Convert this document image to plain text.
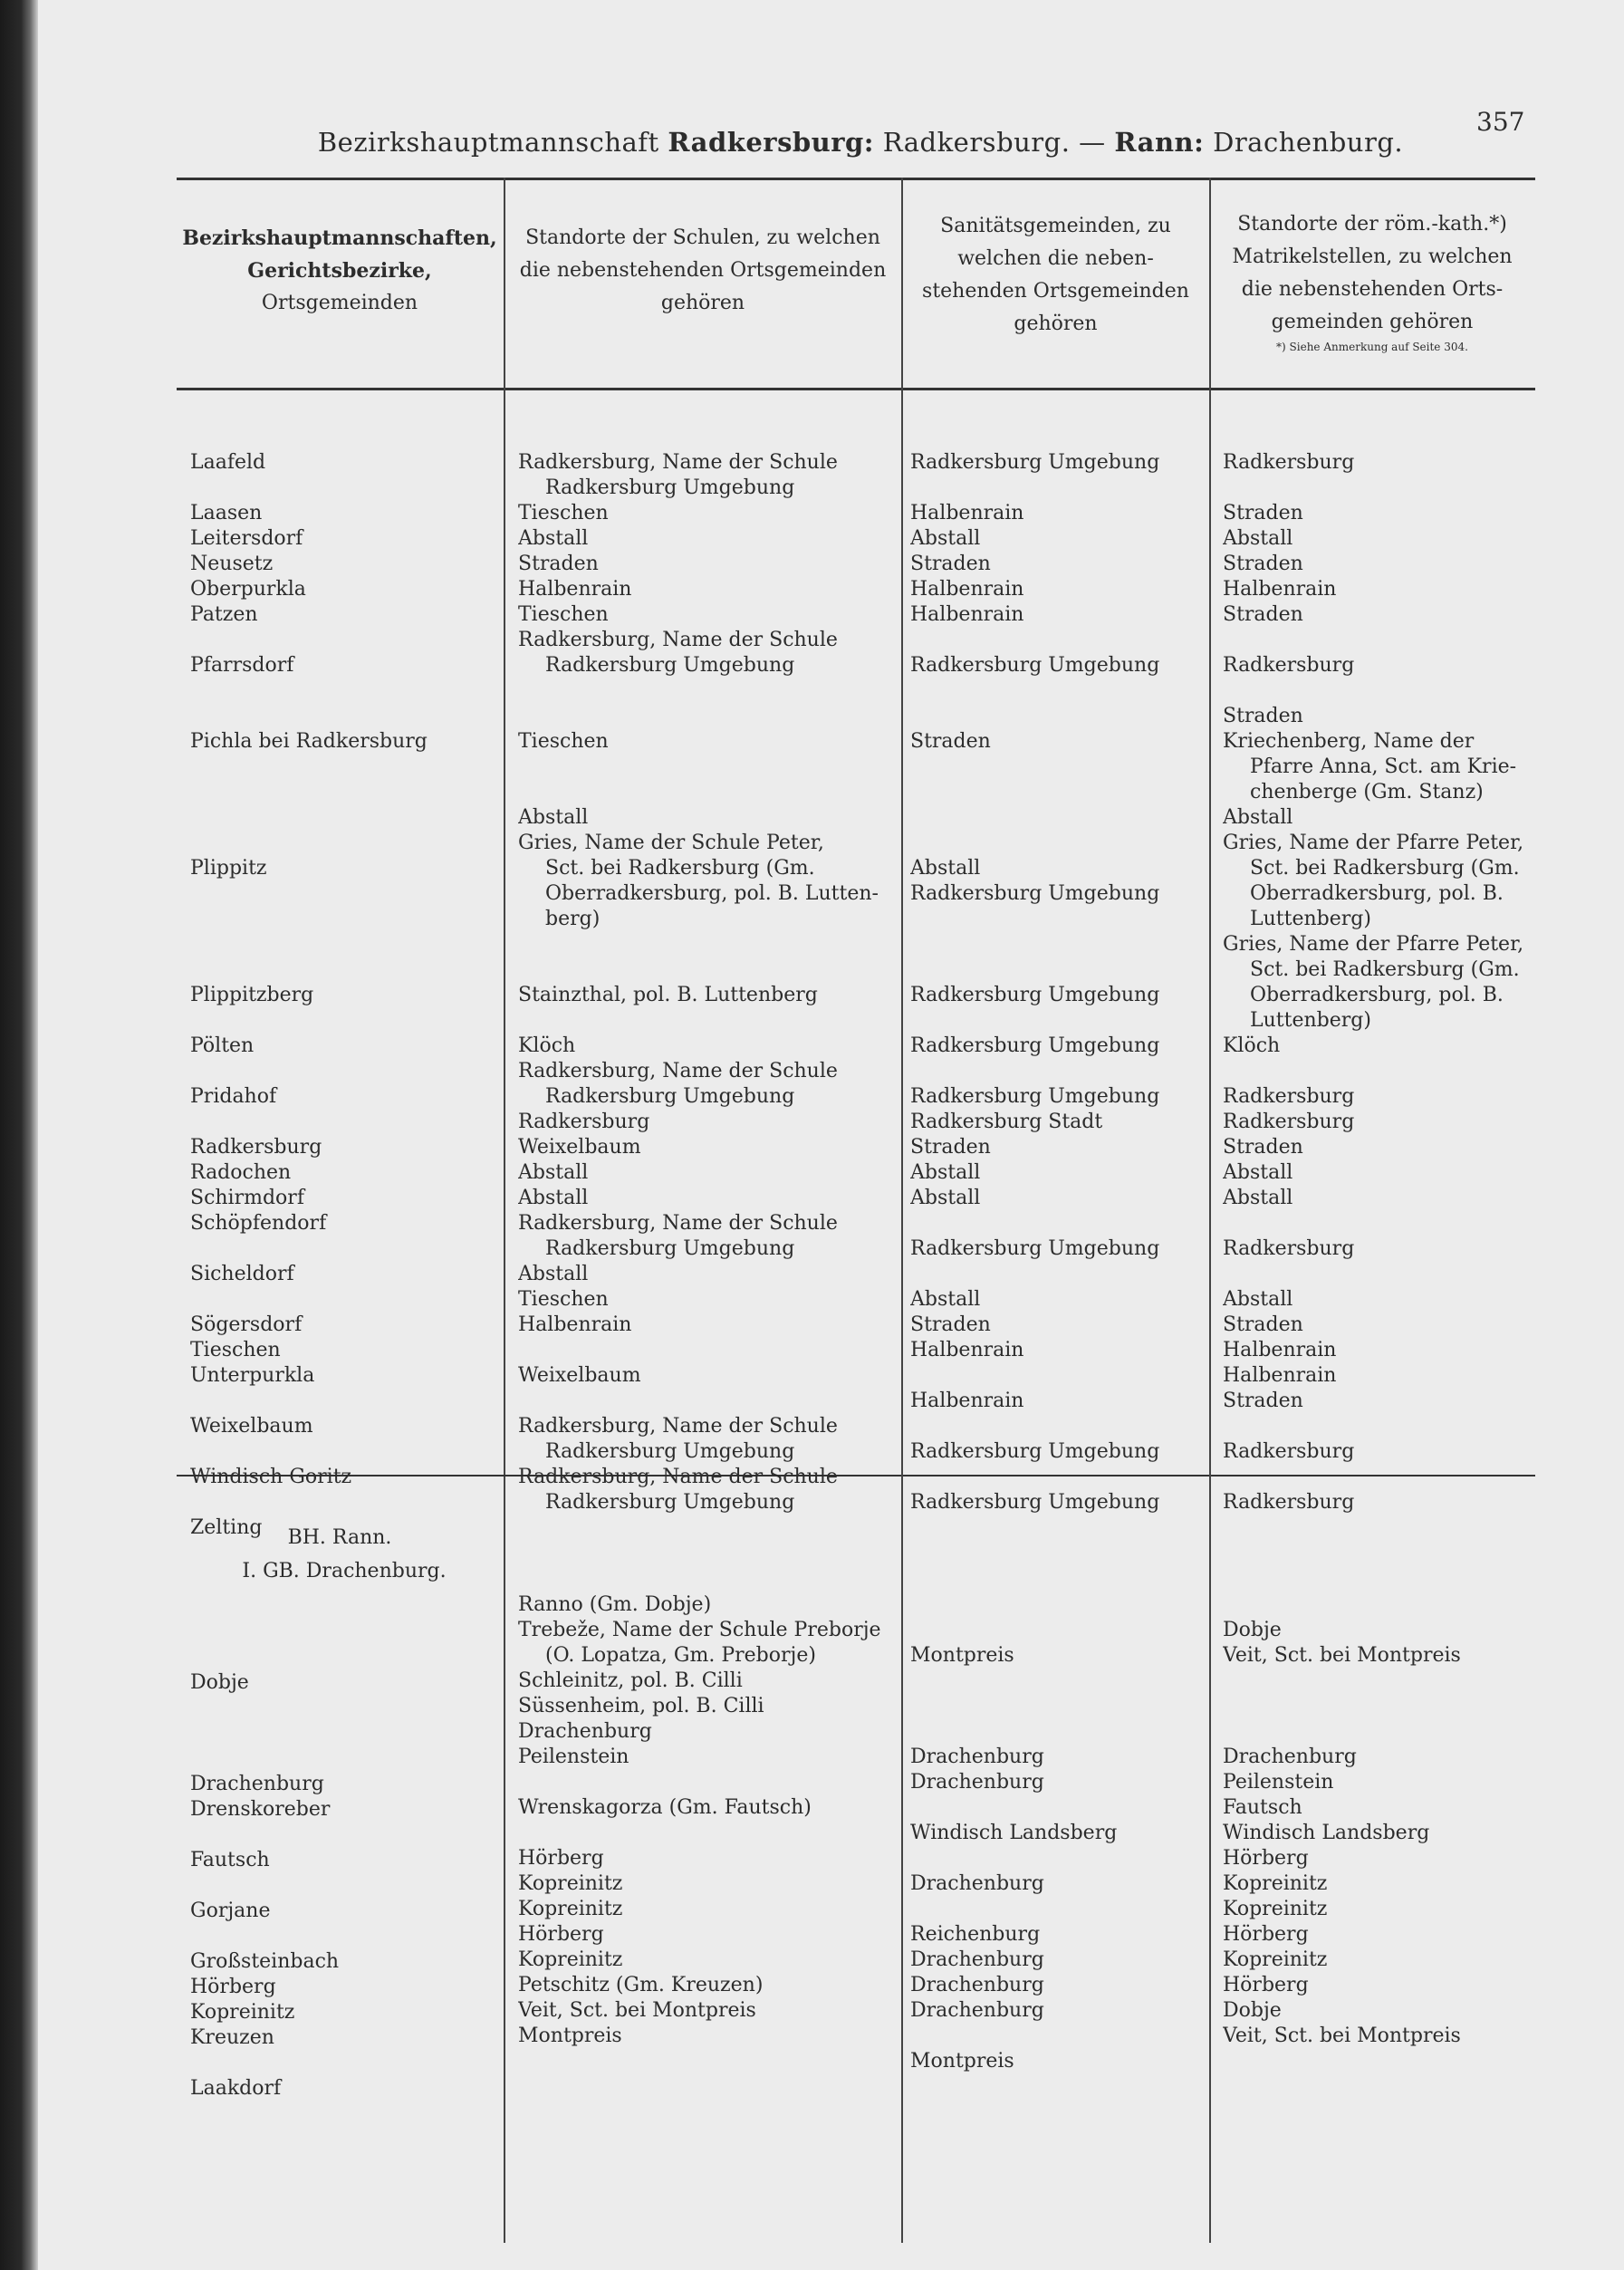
357
Bezirkshauptmannschaft Radkersburg: Radkersburg. — Rann: Drachenburg.
Bezirkshauptmannschaften,
Gerichtsbezirke,
Ortsgemeinden
Standorte der Schulen, zu welchen
die nebenstehenden Ortsgemeinden
gehören
Sanitätsgemeinden, zu
welchen die neben-
stehenden Ortsgemeinden
gehören
Standorte der röm.-kath.*)
Matrikelstellen, zu welchen
die nebenstehenden Orts-
gemeinden gehören
*) Siehe Anmerkung auf Seite 304.
Laafeld
Laasen
Leitersdorf
Neusetz
Oberpurkla
Patzen
Pfarrsdorf
Pichla bei Radkersburg
Plippitz
Plippitzberg
Pölten
Pridahof
Radkersburg
Radochen
Schirmdorf
Schöpfendorf
Sicheldorf
Sögersdorf
Tieschen
Unterpurkla
Weixelbaum
Windisch Goritz
Zelting
Radkersburg, Name der Schule
Radkersburg Umgebung
Tieschen
Abstall
Straden
Halbenrain
Tieschen
Radkersburg, Name der Schule
Radkersburg Umgebung
Tieschen
Abstall
Gries, Name der Schule Peter,
Sct. bei Radkersburg (Gm.
Oberradkersburg, pol. B. Lutten-
berg)
Stainzthal, pol. B. Luttenberg
Klöch
Radkersburg, Name der Schule
Radkersburg Umgebung
Radkersburg
Weixelbaum
Abstall
Abstall
Radkersburg, Name der Schule
Radkersburg Umgebung
Abstall
Tieschen
Halbenrain
Weixelbaum
Radkersburg, Name der Schule
Radkersburg Umgebung
Radkersburg, Name der Schule
Radkersburg Umgebung
Radkersburg Umgebung
Halbenrain
Abstall
Straden
Halbenrain
Halbenrain
Radkersburg Umgebung
Straden
Abstall
Radkersburg Umgebung
Radkersburg Umgebung
Radkersburg Umgebung
Radkersburg Umgebung
Radkersburg Stadt
Straden
Abstall
Abstall
Radkersburg Umgebung
Abstall
Straden
Halbenrain
Halbenrain
Radkersburg Umgebung
Radkersburg Umgebung
Radkersburg
Straden
Abstall
Straden
Halbenrain
Straden
Radkersburg
Straden
Kriechenberg, Name der
Pfarre Anna, Sct. am Krie-
chenberge (Gm. Stanz)
Abstall
Gries, Name der Pfarre Peter,
Sct. bei Radkersburg (Gm.
Oberradkersburg, pol. B.
Luttenberg)
Gries, Name der Pfarre Peter,
Sct. bei Radkersburg (Gm.
Oberradkersburg, pol. B.
Luttenberg)
Klöch
Radkersburg
Radkersburg
Straden
Abstall
Abstall
Radkersburg
Abstall
Straden
Halbenrain
Halbenrain
Straden
Radkersburg
Radkersburg
BH. Rann.
I. GB. Drachenburg.
Dobje
Drachenburg
Drenskoreber
Fautsch
Gorjane
Großsteinbach
Hörberg
Kopreinitz
Kreuzen
Laakdorf
Ranno (Gm. Dobje)
Trebeže, Name der Schule Preborje
(O. Lopatza, Gm. Preborje)
Schleinitz, pol. B. Cilli
Süssenheim, pol. B. Cilli
Drachenburg
Peilenstein
Wrenskagorza (Gm. Fautsch)
Hörberg
Kopreinitz
Kopreinitz
Hörberg
Kopreinitz
Petschitz (Gm. Kreuzen)
Veit, Sct. bei Montpreis
Montpreis
Montpreis
Drachenburg
Drachenburg
Windisch Landsberg
Drachenburg
Reichenburg
Drachenburg
Drachenburg
Drachenburg
Montpreis
Dobje
Veit, Sct. bei Montpreis
Drachenburg
Peilenstein
Fautsch
Windisch Landsberg
Hörberg
Kopreinitz
Kopreinitz
Hörberg
Kopreinitz
Hörberg
Dobje
Veit, Sct. bei Montpreis
